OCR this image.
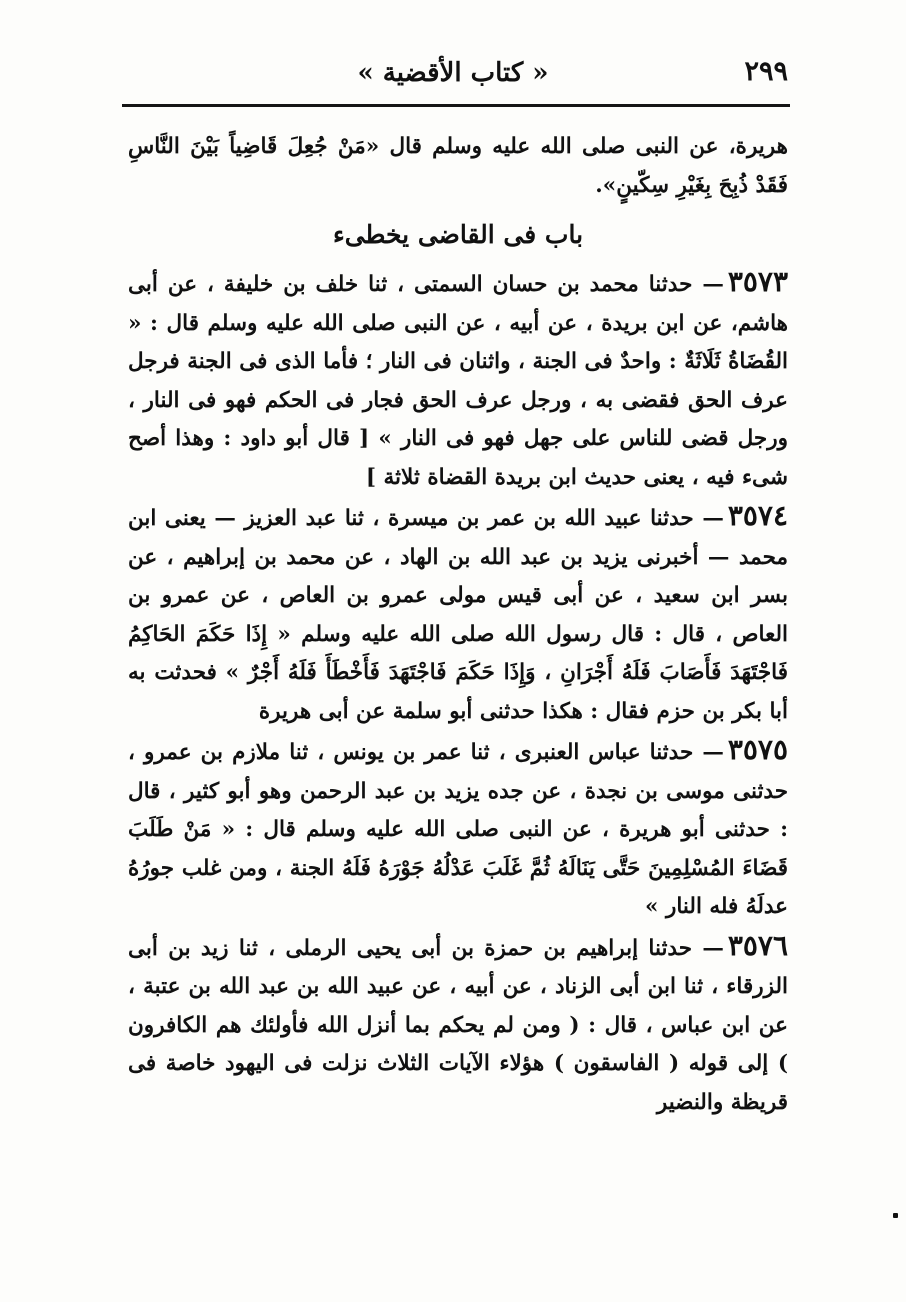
٢٩٩
« كتاب الأقضية »

هريرة، عن النبى صلى الله عليه وسلم قال «مَنْ جُعِلَ قَاضِياً بَيْنَ النَّاسِ فَقَدْ ذُبِحَ بِغَيْرِ سِكّينٍ».

باب فى القاضى يخطىء

٣٥٧٣— حدثنا محمد بن حسان السمتى ، ثنا خلف بن خليفة ، عن أبى هاشم، عن ابن بريدة ، عن أبيه ، عن النبى صلى الله عليه وسلم قال : « القُضَاةُ ثَلَاثَةٌ : واحدٌ فى الجنة ، واثنان فى النار ؛ فأما الذى فى الجنة فرجل عرف الحق فقضى به ، ورجل عرف الحق فجار فى الحكم فهو فى النار ، ورجل قضى للناس على جهل فهو فى النار » [ قال أبو داود : وهذا أصح شىء فيه ، يعنى حديث ابن بريدة القضاة ثلاثة ]

٣٥٧٤— حدثنا عبيد الله بن عمر بن ميسرة ، ثنا عبد العزيز — يعنى ابن محمد — أخبرنى يزيد بن عبد الله بن الهاد ، عن محمد بن إبراهيم ، عن بسر ابن سعيد ، عن أبى قيس مولى عمرو بن العاص ، عن عمرو بن العاص ، قال : قال رسول الله صلى الله عليه وسلم « إِذَا حَكَمَ الحَاكِمُ فَاجْتَهَدَ فَأَصَابَ فَلَهُ أَجْرَانِ ، وَإِذَا حَكَمَ فَاجْتَهَدَ فَأَخْطَأَ فَلَهُ أَجْرٌ » فحدثت به أبا بكر بن حزم فقال : هكذا حدثنى أبو سلمة عن أبى هريرة

٣٥٧٥— حدثنا عباس العنبرى ، ثنا عمر بن يونس ، ثنا ملازم بن عمرو ، حدثنى موسى بن نجدة ، عن جده يزيد بن عبد الرحمن وهو أبو كثير ، قال : حدثنى أبو هريرة ، عن النبى صلى الله عليه وسلم قال : « مَنْ طَلَبَ قَضَاءَ المُسْلِمِينَ حَتَّى يَنَالَهُ ثُمَّ غَلَبَ عَدْلُهُ جَوْرَهُ فَلَهُ الجنة ، ومن غلب جورُهُ عدلَهُ فله النار »

٣٥٧٦— حدثنا إبراهيم بن حمزة بن أبى يحيى الرملى ، ثنا زيد بن أبى الزرقاء ، ثنا ابن أبى الزناد ، عن أبيه ، عن عبيد الله بن عبد الله بن عتبة ، عن ابن عباس ، قال : ( ومن لم يحكم بما أنزل الله فأولئك هم الكافرون ) إلى قوله ( الفاسقون ) هؤلاء الآيات الثلاث نزلت فى اليهود خاصة فى قريظة والنضير
